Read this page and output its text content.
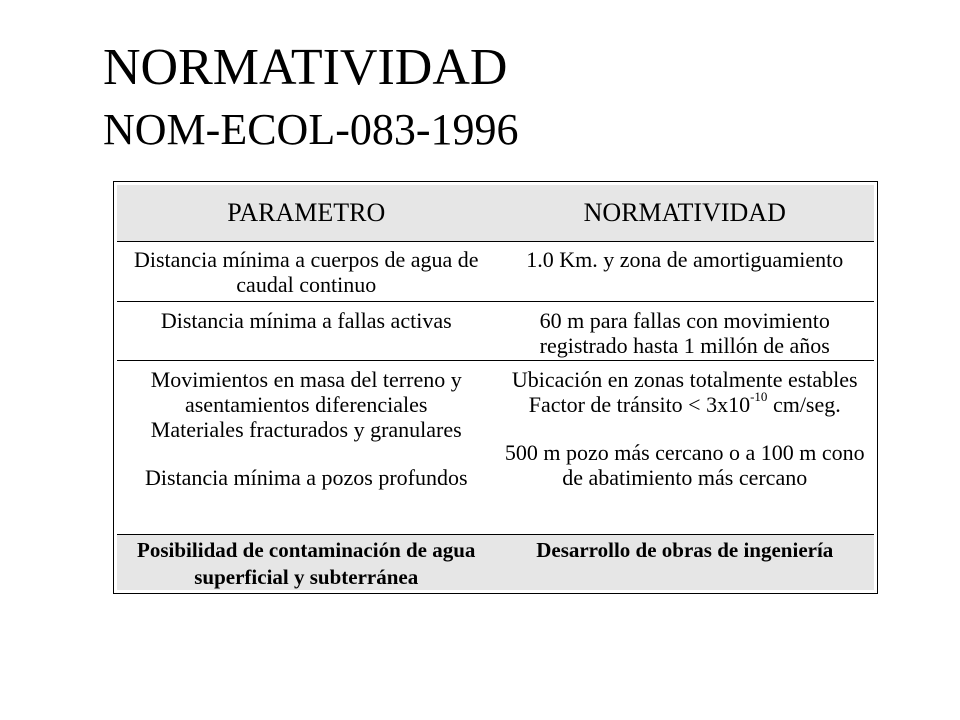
NORMATIVIDAD
NOM-ECOL-083-1996
PARAMETRO	NORMATIVIDAD
Distancia mínima a cuerpos de agua de caudal continuo
1.0 Km. y zona de amortiguamiento
Distancia mínima a fallas activas	60 m para fallas con movimiento registrado hasta 1 millón de años
Movimientos en masa del terreno y asentamientos diferenciales
Materiales fracturados y granulares
Distancia mínima a pozos profundos
Ubicación en zonas totalmente estables
Factor de tránsito < $3x10^{-10}$ cm/seg.
500 m pozo más cercano o a 100 m cono de abatimiento más cercano
Posibilidad de contaminación de agua superficial y subterránea
Desarrollo de obras de ingeniería
